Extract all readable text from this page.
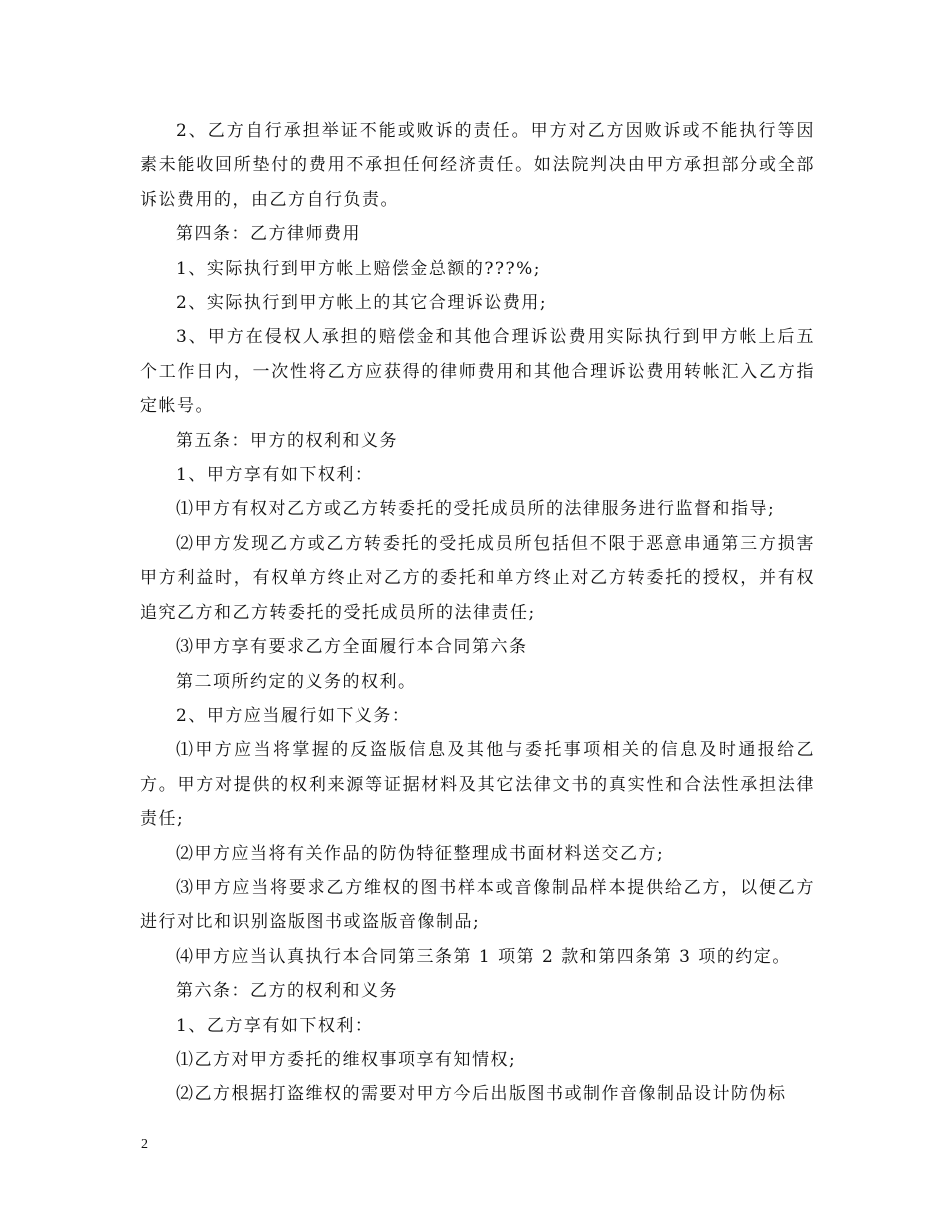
2、乙方自行承担举证不能或败诉的责任。甲方对乙方因败诉或不能执行等因素未能收回所垫付的费用不承担任何经济责任。如法院判决由甲方承担部分或全部诉讼费用的，由乙方自行负责。

第四条：乙方律师费用

1、实际执行到甲方帐上赔偿金总额的???%;

2、实际执行到甲方帐上的其它合理诉讼费用;

3、甲方在侵权人承担的赔偿金和其他合理诉讼费用实际执行到甲方帐上后五个工作日内，一次性将乙方应获得的律师费用和其他合理诉讼费用转帐汇入乙方指定帐号。

第五条：甲方的权利和义务

1、甲方享有如下权利：

⑴甲方有权对乙方或乙方转委托的受托成员所的法律服务进行监督和指导;

⑵甲方发现乙方或乙方转委托的受托成员所包括但不限于恶意串通第三方损害甲方利益时，有权单方终止对乙方的委托和单方终止对乙方转委托的授权，并有权追究乙方和乙方转委托的受托成员所的法律责任;

⑶甲方享有要求乙方全面履行本合同第六条

第二项所约定的义务的权利。

2、甲方应当履行如下义务：

⑴甲方应当将掌握的反盗版信息及其他与委托事项相关的信息及时通报给乙方。甲方对提供的权利来源等证据材料及其它法律文书的真实性和合法性承担法律责任;

⑵甲方应当将有关作品的防伪特征整理成书面材料送交乙方;

⑶甲方应当将要求乙方维权的图书样本或音像制品样本提供给乙方，以便乙方进行对比和识别盗版图书或盗版音像制品;

⑷甲方应当认真执行本合同第三条第 1 项第 2 款和第四条第 3 项的约定。

第六条：乙方的权利和义务

1、乙方享有如下权利：

⑴乙方对甲方委托的维权事项享有知情权;

⑵乙方根据打盗维权的需要对甲方今后出版图书或制作音像制品设计防伪标

2
